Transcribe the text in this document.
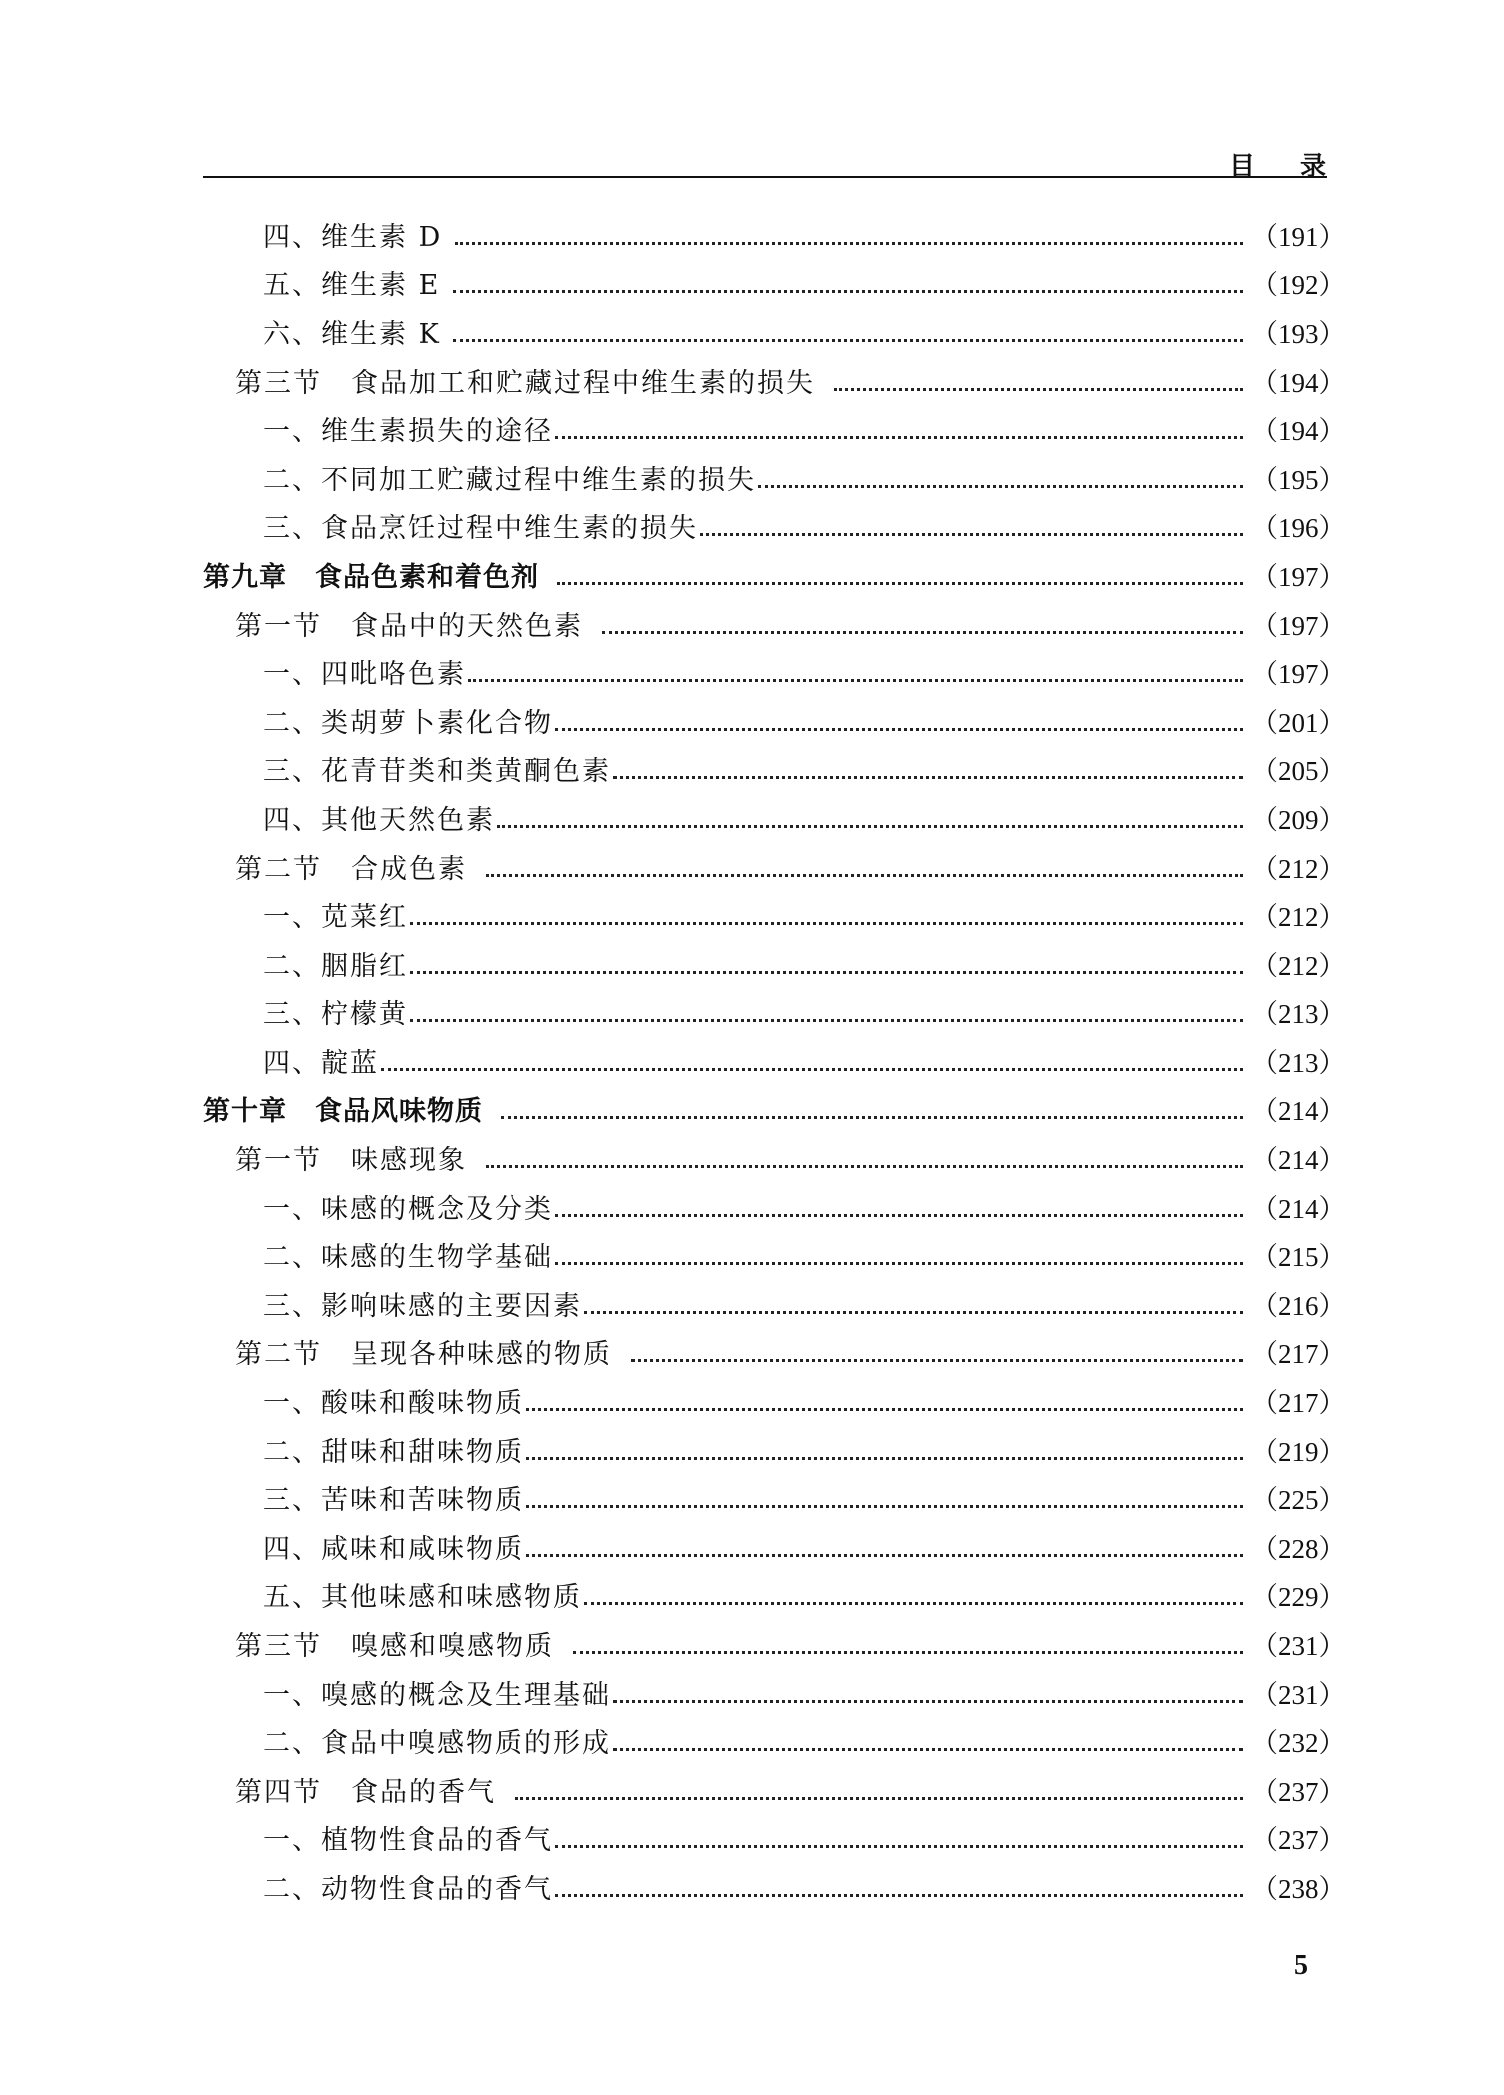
目 录
四、维生素 D	（191）
五、维生素 E	（192）
六、维生素 K	（193）
第三节　食品加工和贮藏过程中维生素的损失	（194）
一、维生素损失的途径	（194）
二、不同加工贮藏过程中维生素的损失	（195）
三、食品烹饪过程中维生素的损失	（196）
第九章　食品色素和着色剂	（197）
第一节　食品中的天然色素	（197）
一、四吡咯色素	（197）
二、类胡萝卜素化合物	（201）
三、花青苷类和类黄酮色素	（205）
四、其他天然色素	（209）
第二节　合成色素	（212）
一、苋菜红	（212）
二、胭脂红	（212）
三、柠檬黄	（213）
四、靛蓝	（213）
第十章　食品风味物质	（214）
第一节　味感现象	（214）
一、味感的概念及分类	（214）
二、味感的生物学基础	（215）
三、影响味感的主要因素	（216）
第二节　呈现各种味感的物质	（217）
一、酸味和酸味物质	（217）
二、甜味和甜味物质	（219）
三、苦味和苦味物质	（225）
四、咸味和咸味物质	（228）
五、其他味感和味感物质	（229）
第三节　嗅感和嗅感物质	（231）
一、嗅感的概念及生理基础	（231）
二、食品中嗅感物质的形成	（232）
第四节　食品的香气	（237）
一、植物性食品的香气	（237）
二、动物性食品的香气	（238）
5
